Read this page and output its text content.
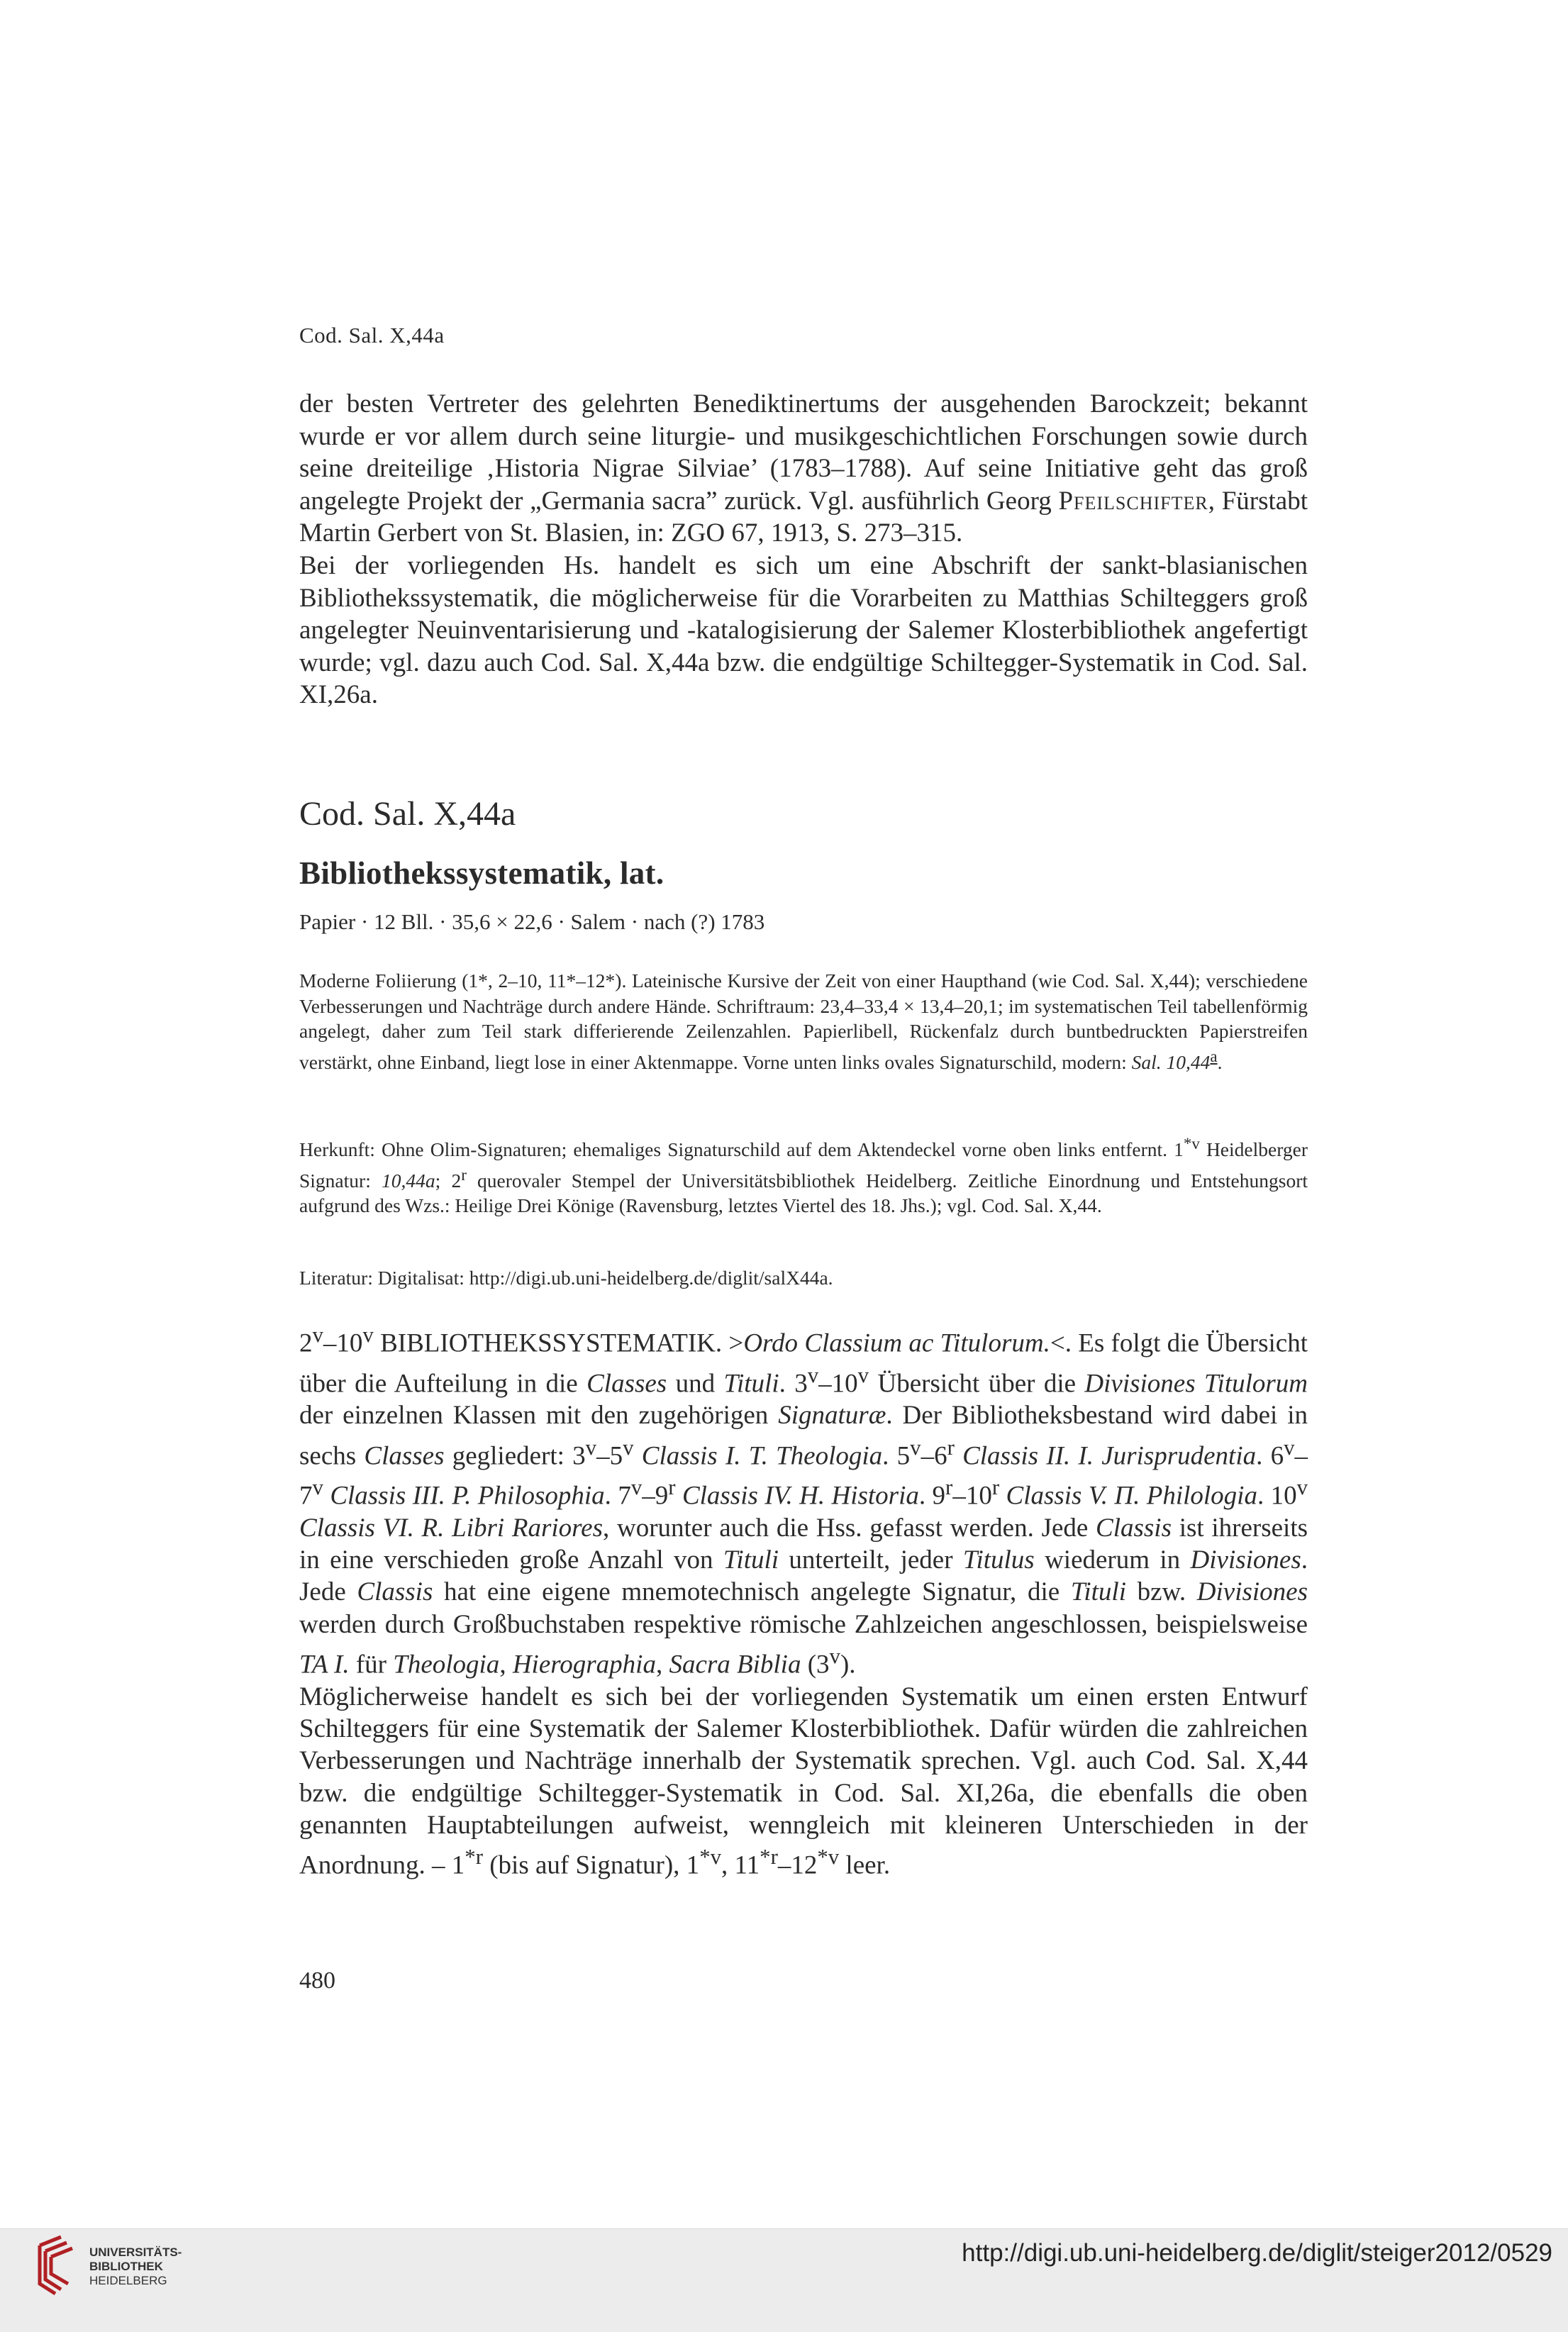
Cod. Sal. X,44a

der besten Vertreter des gelehrten Benediktinertums der ausgehenden Barockzeit; bekannt wurde er vor allem durch seine liturgie- und musikgeschichtlichen Forschungen sowie durch seine dreiteilige ‚Historia Nigrae Silviae’ (1783–1788). Auf seine Initiative geht das groß angelegte Projekt der „Germania sacra” zurück. Vgl. ausführlich Georg Pfeilschifter, Fürstabt Martin Gerbert von St. Blasien, in: ZGO 67, 1913, S. 273–315.

Bei der vorliegenden Hs. handelt es sich um eine Abschrift der sankt-blasianischen Bibliothekssystematik, die möglicherweise für die Vorarbeiten zu Matthias Schilteggers groß angelegter Neuinventarisierung und -katalogisierung der Salemer Klosterbibliothek angefertigt wurde; vgl. dazu auch Cod. Sal. X,44a bzw. die endgültige Schiltegger-Systematik in Cod. Sal. XI,26a.

Cod. Sal. X,44a
Bibliothekssystematik, lat.
Papier · 12 Bll. · 35,6 × 22,6 · Salem · nach (?) 1783

Moderne Foliierung (1*, 2–10, 11*–12*). Lateinische Kursive der Zeit von einer Haupthand (wie Cod. Sal. X,44); verschiedene Verbesserungen und Nachträge durch andere Hände. Schriftraum: 23,4–33,4 × 13,4–20,1; im systematischen Teil tabellenförmig angelegt, daher zum Teil stark differierende Zeilenzahlen. Papierlibell, Rückenfalz durch buntbedruckten Papierstreifen verstärkt, ohne Einband, liegt lose in einer Aktenmappe. Vorne unten links ovales Signaturschild, modern: Sal. 10,44$^a$.

Herkunft: Ohne Olim-Signaturen; ehemaliges Signaturschild auf dem Aktendeckel vorne oben links entfernt. 1$^{*v}$ Heidelberger Signatur: 10,44a; 2$^r$ querovaler Stempel der Universitätsbibliothek Heidelberg. Zeitliche Einordnung und Entstehungsort aufgrund des Wzs.: Heilige Drei Könige (Ravensburg, letztes Viertel des 18. Jhs.); vgl. Cod. Sal. X,44.

Literatur: Digitalisat: http://digi.ub.uni-heidelberg.de/diglit/salX44a.

2$^v$–10$^v$ BIBLIOTHEKSSYSTEMATIK. >Ordo Classium ac Titulorum.<. Es folgt die Übersicht über die Aufteilung in die Classes und Tituli. 3$^v$–10$^v$ Übersicht über die Divisiones Titulorum der einzelnen Klassen mit den zugehörigen Signaturæ. Der Bibliotheksbestand wird dabei in sechs Classes gegliedert: 3$^v$–5$^v$ Classis I. T. Theologia. 5$^v$–6$^r$ Classis II. I. Jurisprudentia. 6$^v$–7$^v$ Classis III. P. Philosophia. 7$^v$–9$^r$ Classis IV. H. Historia. 9$^r$–10$^r$ Classis V. Π. Philologia. 10$^v$ Classis VI. R. Libri Rariores, worunter auch die Hss. gefasst werden. Jede Classis ist ihrerseits in eine verschieden große Anzahl von Tituli unterteilt, jeder Titulus wiederum in Divisiones. Jede Classis hat eine eigene mnemotechnisch angelegte Signatur, die Tituli bzw. Divisiones werden durch Großbuchstaben respektive römische Zahlzeichen angeschlossen, beispielsweise TA I. für Theologia, Hierographia, Sacra Biblia (3$^v$).

Möglicherweise handelt es sich bei der vorliegenden Systematik um einen ersten Entwurf Schilteggers für eine Systematik der Salemer Klosterbibliothek. Dafür würden die zahlreichen Verbesserungen und Nachträge innerhalb der Systematik sprechen. Vgl. auch Cod. Sal. X,44 bzw. die endgültige Schiltegger-Systematik in Cod. Sal. XI,26a, die ebenfalls die oben genannten Hauptabteilungen aufweist, wenngleich mit kleineren Unterschieden in der Anordnung. – 1$^{*r}$ (bis auf Signatur), 1$^{*v}$, 11$^{*r}$–12$^{*v}$ leer.

480
UNIVERSITÄTS-
BIBLIOTHEK
HEIDELBERG
http://digi.ub.uni-heidelberg.de/diglit/steiger2012/0529
